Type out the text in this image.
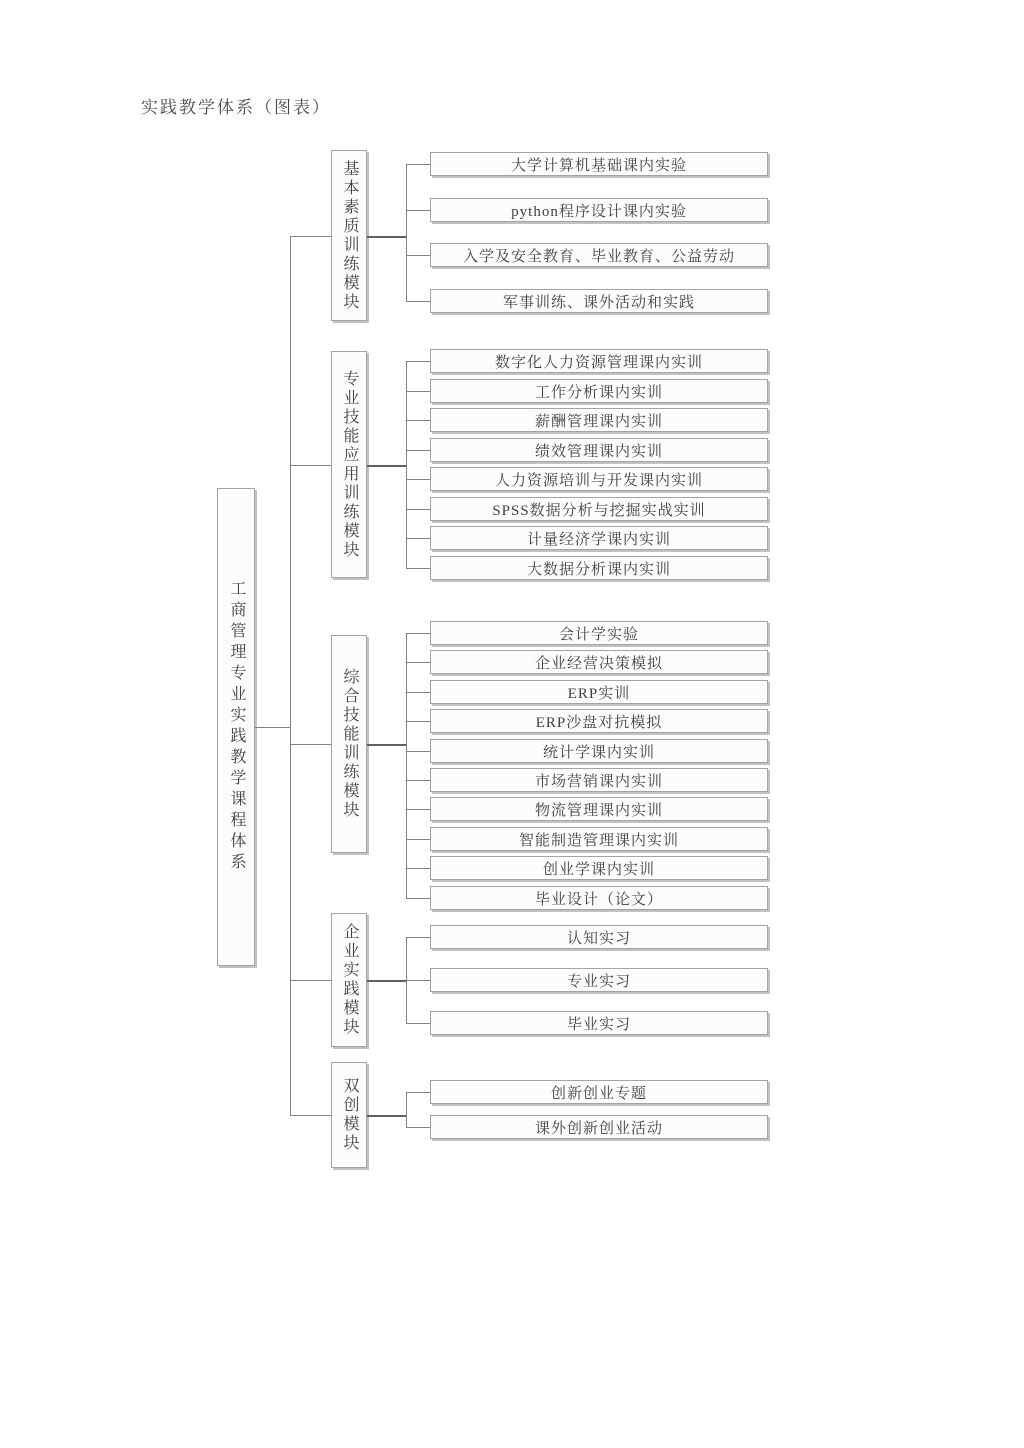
实践教学体系（图表）
工商管理专业实践教学课程体系
基本素质训练模块	大学计算机基础课内实验
python程序设计课内实验
入学及安全教育、毕业教育、公益劳动
军事训练、课外活动和实践
专业技能应用训练模块
数字化人力资源管理课内实训
工作分析课内实训
薪酬管理课内实训
绩效管理课内实训
人力资源培训与开发课内实训
SPSS数据分析与挖掘实战实训
计量经济学课内实训
大数据分析课内实训
综合技能训练模块
会计学实验
企业经营决策模拟
ERP实训
ERP沙盘对抗模拟
统计学课内实训
市场营销课内实训
物流管理课内实训
智能制造管理课内实训
创业学课内实训
毕业设计（论文）
企业实践模块	认知实习
专业实习
毕业实习
双创模块	创新创业专题
课外创新创业活动
